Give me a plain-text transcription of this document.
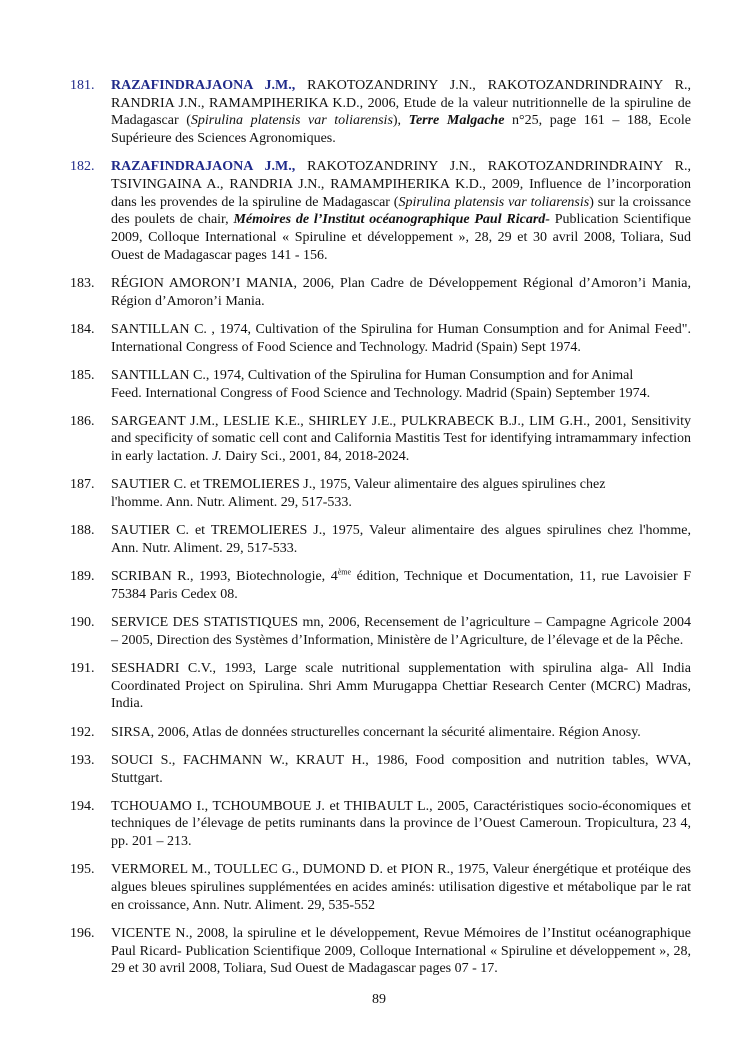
181.	RAZAFINDRAJAONA J.M., RAKOTOZANDRINY J.N., RAKOTOZANDRINDRAINY R., RANDRIA J.N., RAMAMPIHERIKA K.D., 2006, Etude de la valeur nutritionnelle de la spiruline de Madagascar (Spirulina platensis var toliarensis), Terre Malgache n°25, page 161 – 188, Ecole Supérieure des Sciences Agronomiques.
182.	RAZAFINDRAJAONA J.M., RAKOTOZANDRINY J.N., RAKOTOZANDRINDRAINY R., TSIVINGAINA A., RANDRIA J.N., RAMAMPIHERIKA K.D., 2009, Influence de l’incorporation dans les provendes de la spiruline de Madagascar (Spirulina platensis var toliarensis) sur la croissance des poulets de chair, Mémoires de l’Institut océanographique Paul Ricard- Publication Scientifique 2009, Colloque International « Spiruline et développement », 28, 29 et 30 avril 2008, Toliara, Sud Ouest de Madagascar pages 141 - 156.
183.	RÉGION AMORON’I MANIA, 2006, Plan Cadre de Développement Régional d’Amoron’i Mania, Région d’Amoron’i Mania.
184.	SANTILLAN C. , 1974, Cultivation of the Spirulina for Human Consumption and for Animal Feed". International Congress of Food Science and Technology. Madrid (Spain) Sept 1974.
185.	SANTILLAN C., 1974, Cultivation of the Spirulina for Human Consumption and for Animal
Feed. International Congress of Food Science and Technology. Madrid (Spain) September 1974.
186.	SARGEANT J.M., LESLIE K.E., SHIRLEY J.E., PULKRABECK B.J., LIM G.H., 2001, Sensitivity and specificity of somatic cell cont and California Mastitis Test for identifying intramammary infection in early lactation. J. Dairy Sci., 2001, 84, 2018-2024.
187.	SAUTIER C. et TREMOLIERES J., 1975, Valeur alimentaire des algues spirulines chez
l'homme. Ann. Nutr. Aliment. 29, 517-533.
188.	SAUTIER C. et TREMOLIERES J., 1975, Valeur alimentaire des algues spirulines chez l'homme, Ann. Nutr. Aliment. 29, 517-533.
189.	SCRIBAN R., 1993, Biotechnologie, 4ème édition, Technique et Documentation, 11, rue Lavoisier F 75384 Paris Cedex 08.
190.	SERVICE DES STATISTIQUES mn, 2006, Recensement de l’agriculture – Campagne Agricole 2004 – 2005, Direction des Systèmes d’Information, Ministère de l’Agriculture, de l’élevage et de la Pêche.
191.	SESHADRI C.V., 1993, Large scale nutritional supplementation with spirulina alga- All India Coordinated Project on Spirulina. Shri Amm Murugappa Chettiar Research Center (MCRC) Madras, India.
192.	SIRSA, 2006, Atlas de données structurelles concernant la sécurité alimentaire. Région Anosy.
193.	SOUCI S., FACHMANN W., KRAUT H., 1986, Food composition and nutrition tables, WVA, Stuttgart.
194.	TCHOUAMO I., TCHOUMBOUE J. et THIBAULT L., 2005, Caractéristiques socio-économiques et techniques de l’élevage de petits ruminants dans la province de l’Ouest Cameroun. Tropicultura, 23 4, pp. 201 – 213.
195.	VERMOREL M., TOULLEC G., DUMOND D. et PION R., 1975, Valeur énergétique et protéique des algues bleues spirulines supplémentées en acides aminés: utilisation digestive et métabolique par le rat en croissance, Ann. Nutr. Aliment. 29, 535-552
196.	VICENTE N., 2008, la spiruline et le développement, Revue Mémoires de l’Institut océanographique Paul Ricard- Publication Scientifique 2009, Colloque International « Spiruline et développement », 28, 29 et 30 avril 2008, Toliara, Sud Ouest de Madagascar pages 07 - 17.
89
